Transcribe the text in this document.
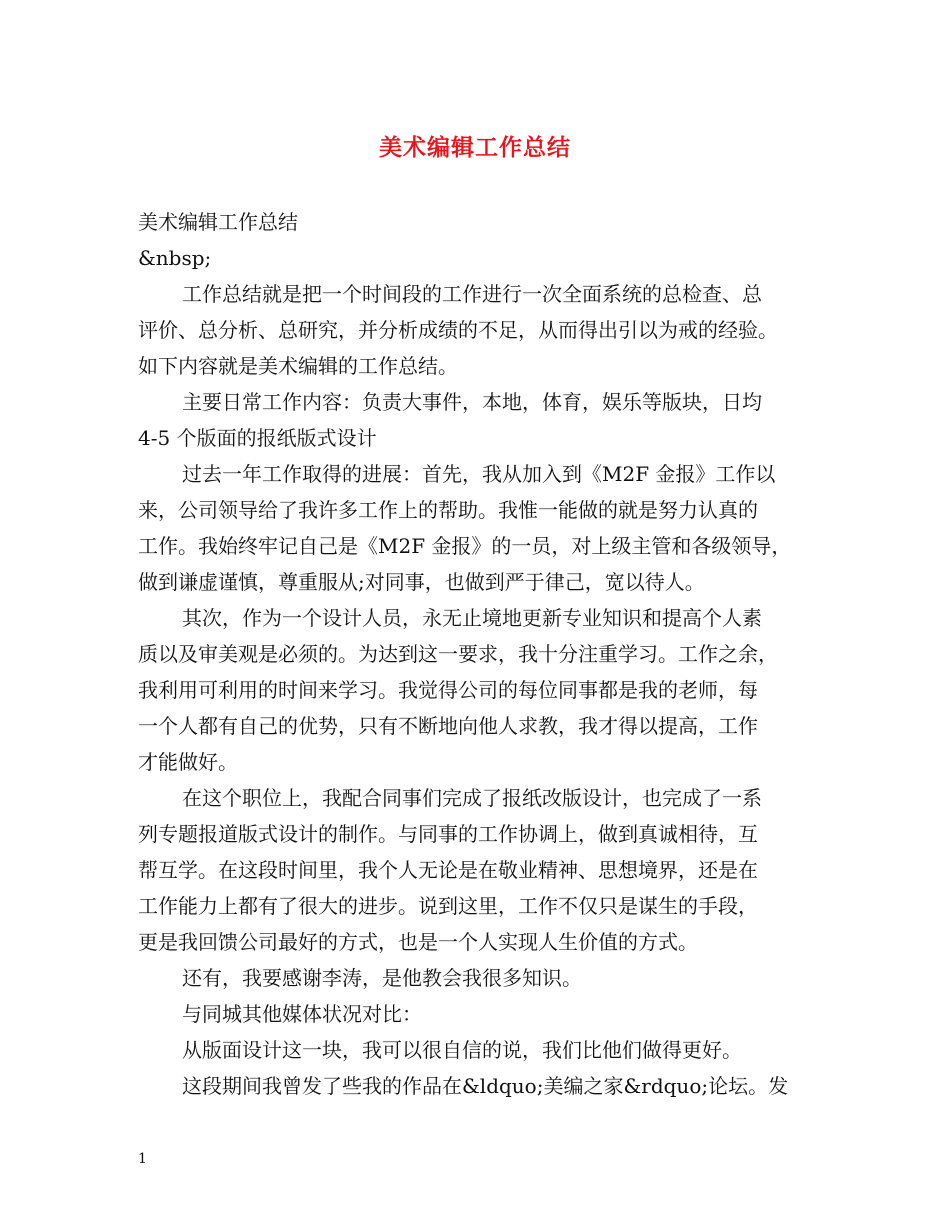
美术编辑工作总结
美术编辑工作总结
&nbsp;
工作总结就是把一个时间段的工作进行一次全面系统的总检查、总
评价、总分析、总研究，并分析成绩的不足，从而得出引以为戒的经验。
如下内容就是美术编辑的工作总结。
主要日常工作内容：负责大事件，本地，体育，娱乐等版块，日均
4-5 个版面的报纸版式设计
过去一年工作取得的进展：首先，我从加入到《M2F 金报》工作以
来，公司领导给了我许多工作上的帮助。我惟一能做的就是努力认真的
工作。我始终牢记自己是《M2F 金报》的一员，对上级主管和各级领导，
做到谦虚谨慎，尊重服从;对同事，也做到严于律己，宽以待人。
其次，作为一个设计人员，永无止境地更新专业知识和提高个人素
质以及审美观是必须的。为达到这一要求，我十分注重学习。工作之余，
我利用可利用的时间来学习。我觉得公司的每位同事都是我的老师，每
一个人都有自己的优势，只有不断地向他人求教，我才得以提高，工作
才能做好。
在这个职位上，我配合同事们完成了报纸改版设计，也完成了一系
列专题报道版式设计的制作。与同事的工作协调上，做到真诚相待，互
帮互学。在这段时间里，我个人无论是在敬业精神、思想境界，还是在
工作能力上都有了很大的进步。说到这里，工作不仅只是谋生的手段，
更是我回馈公司最好的方式，也是一个人实现人生价值的方式。
还有，我要感谢李涛，是他教会我很多知识。
与同城其他媒体状况对比：
从版面设计这一块，我可以很自信的说，我们比他们做得更好。
这段期间我曾发了些我的作品在&ldquo;美编之家&rdquo;论坛。发
1
